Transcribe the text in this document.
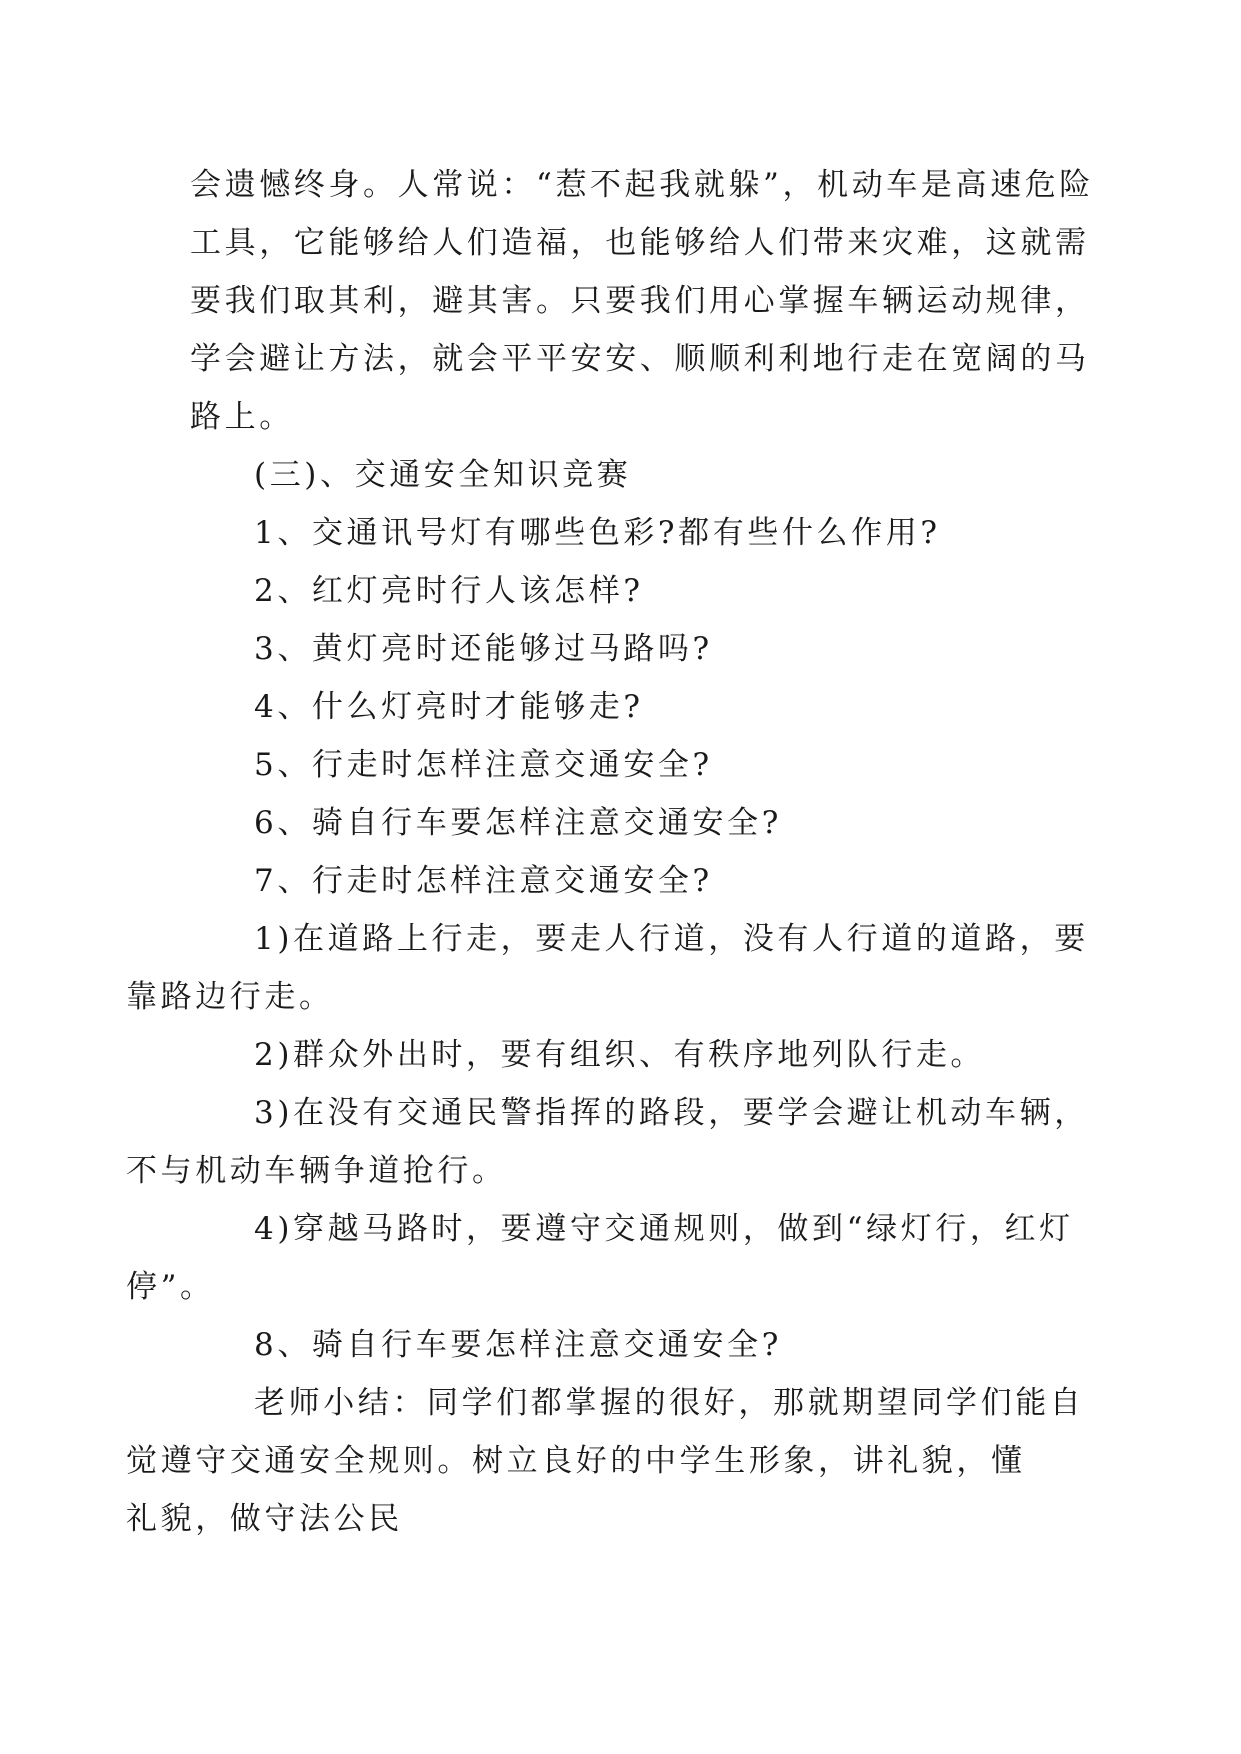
会遗憾终身。人常说：“惹不起我就躲”，机动车是高速危险
工具，它能够给人们造福，也能够给人们带来灾难，这就需
要我们取其利，避其害。只要我们用心掌握车辆运动规律，
学会避让方法，就会平平安安、顺顺利利地行走在宽阔的马
路上。

(三)、交通安全知识竞赛

1、交通讯号灯有哪些色彩?都有些什么作用?

2、红灯亮时行人该怎样?

3、黄灯亮时还能够过马路吗?

4、什么灯亮时才能够走?

5、行走时怎样注意交通安全?

6、骑自行车要怎样注意交通安全?

7、行走时怎样注意交通安全?

1)在道路上行走，要走人行道，没有人行道的道路，要
靠路边行走。

2)群众外出时，要有组织、有秩序地列队行走。

3)在没有交通民警指挥的路段，要学会避让机动车辆，
不与机动车辆争道抢行。

4)穿越马路时，要遵守交通规则，做到“绿灯行，红灯
停”。

8、骑自行车要怎样注意交通安全?

老师小结：同学们都掌握的很好，那就期望同学们能自
觉遵守交通安全规则。树立良好的中学生形象，讲礼貌，懂
礼貌，做守法公民
